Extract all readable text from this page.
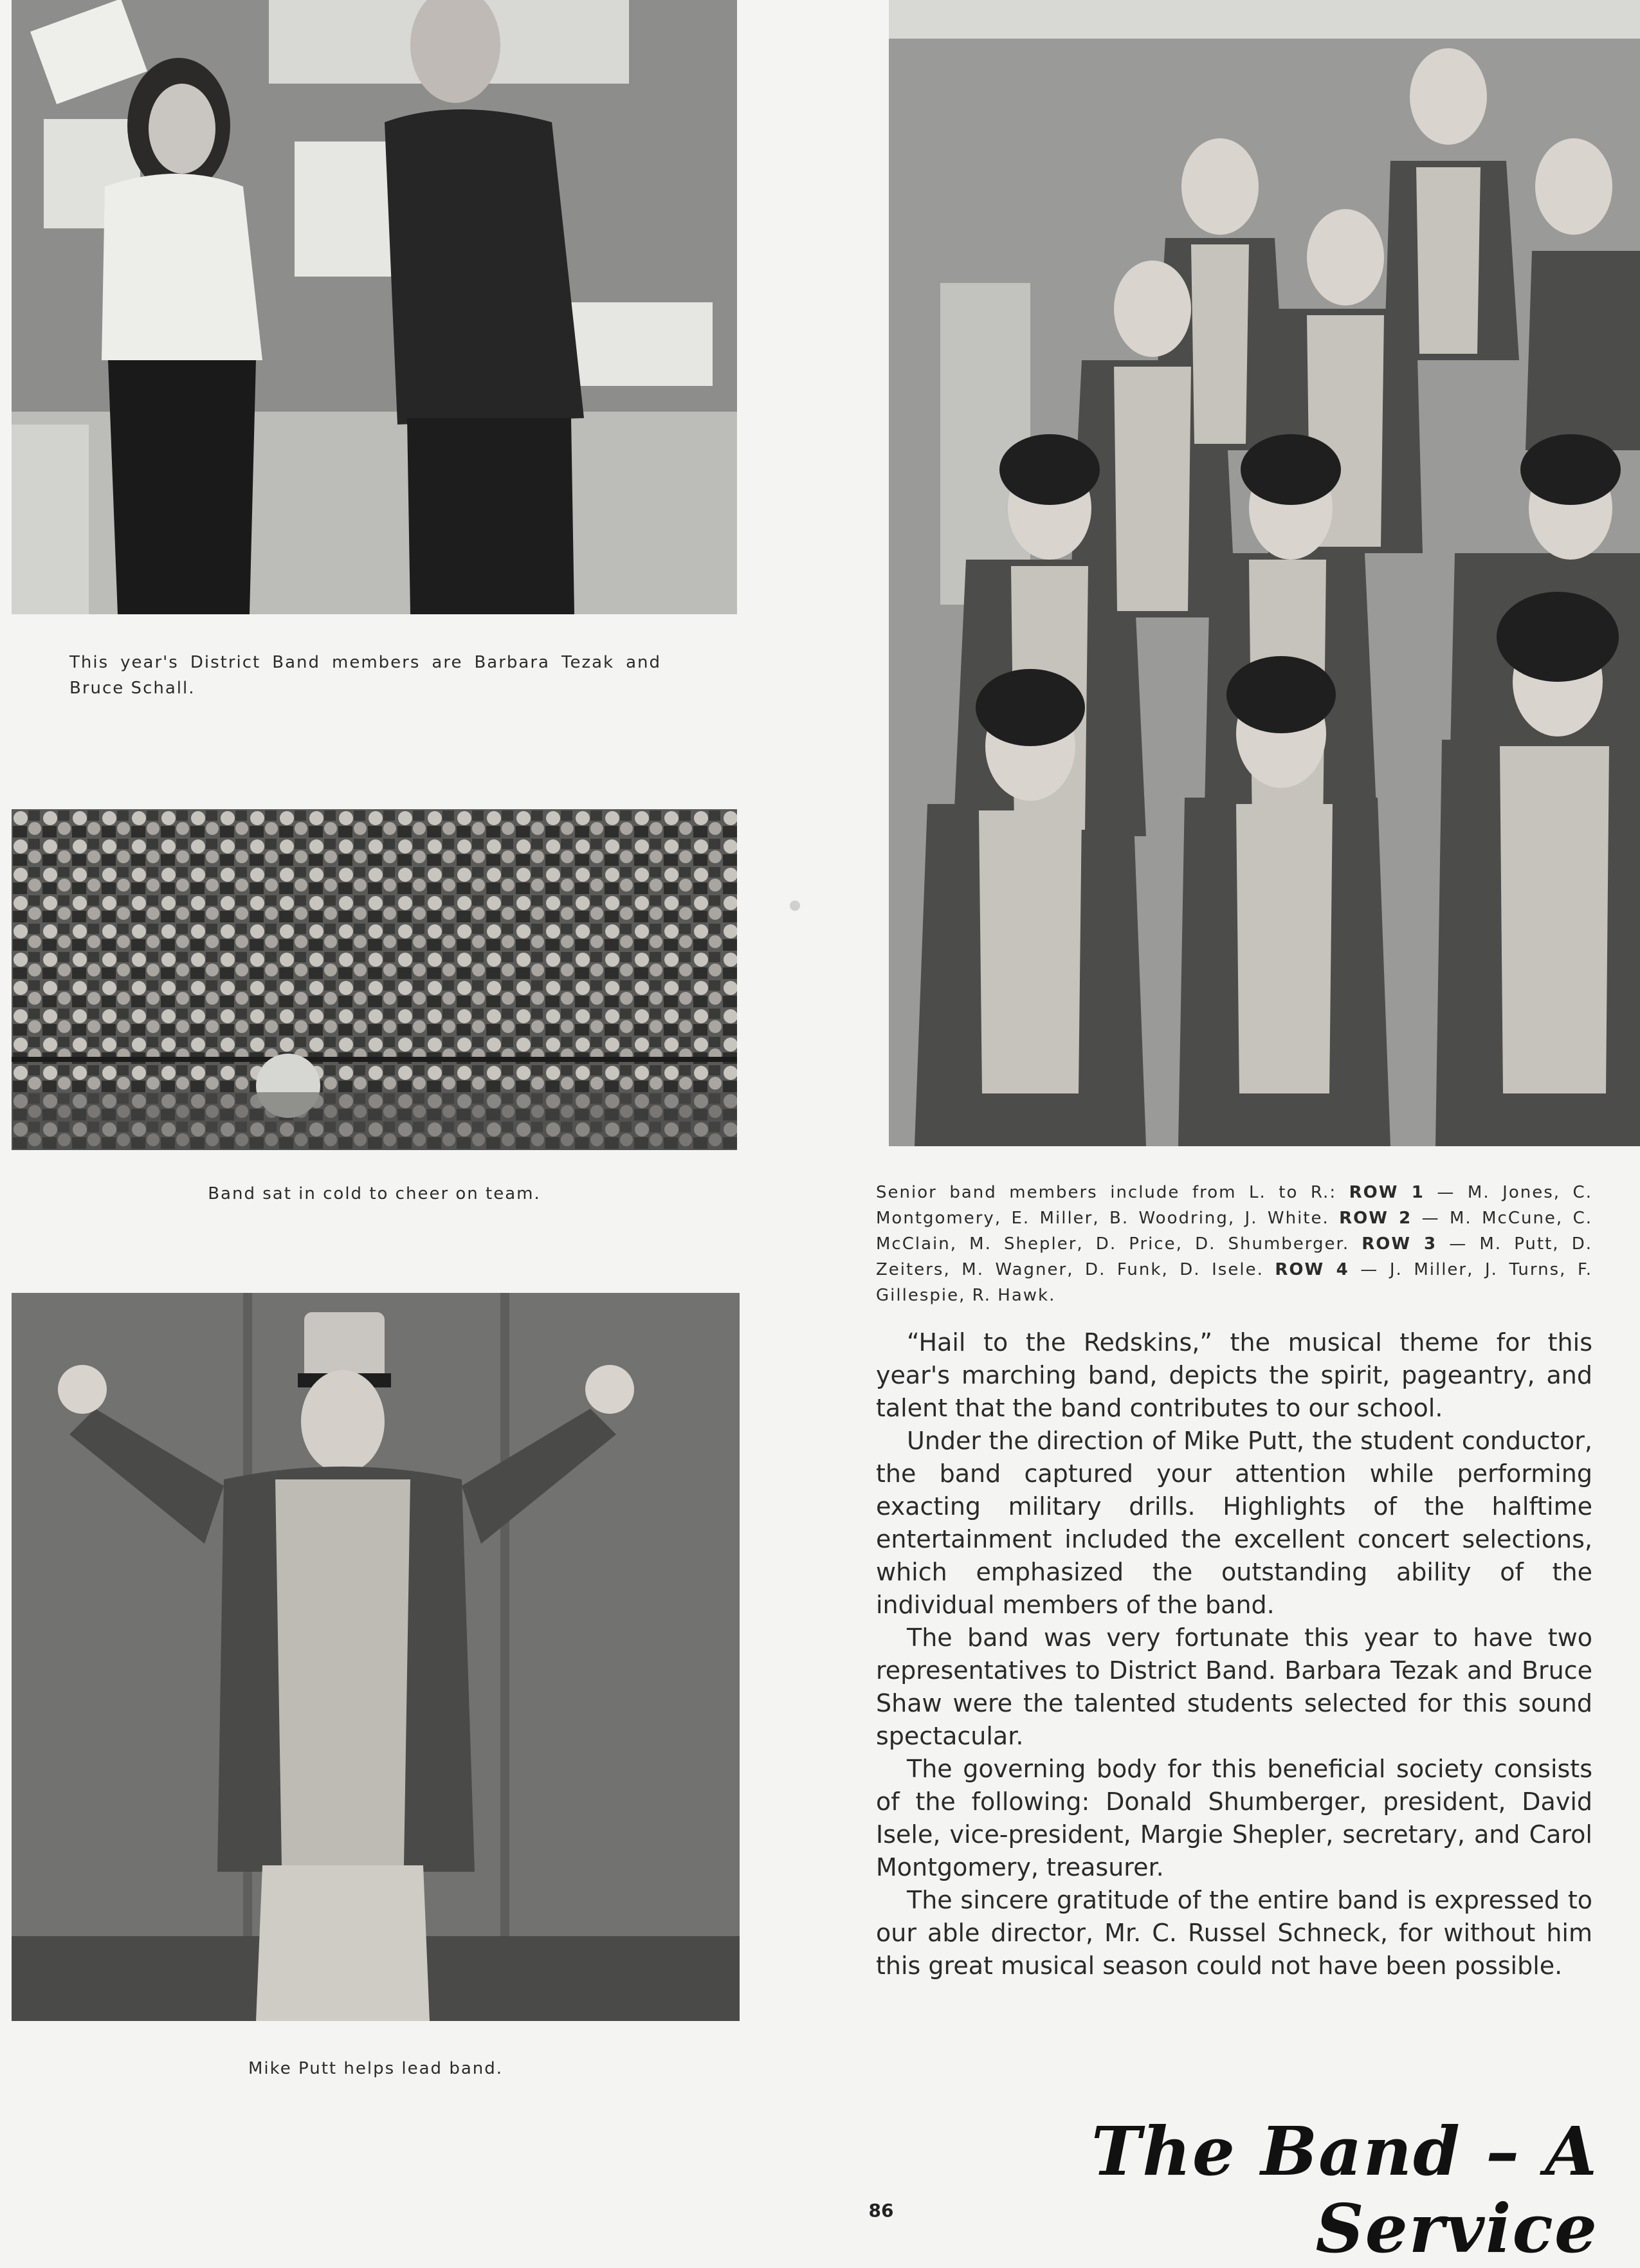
This year's District Band members are Barbara Tezak and Bruce Schall.
Band sat in cold to cheer on team.
Mike Putt helps lead band.
Senior band members include from L. to R.: ROW 1 — M. Jones, C. Montgomery, E. Miller, B. Woodring, J. White. ROW 2 — M. McCune, C. McClain, M. Shepler, D. Price, D. Shumberger. ROW 3 — M. Putt, D. Zeiters, M. Wagner, D. Funk, D. Isele. ROW 4 — J. Miller, J. Turns, F. Gillespie, R. Hawk.

“Hail to the Redskins,” the musical theme for this year's marching band, depicts the spirit, pageantry, and talent that the band contributes to our school.

Under the direction of Mike Putt, the student conductor, the band captured your attention while performing exacting military drills. Highlights of the halftime entertainment included the excellent concert selections, which emphasized the outstanding ability of the individual members of the band.

The band was very fortunate this year to have two representatives to District Band. Barbara Tezak and Bruce Shaw were the talented students selected for this sound spectacular.

The governing body for this beneficial society consists of the following: Donald Shumberger, president, David Isele, vice-president, Margie Shepler, secretary, and Carol Montgomery, treasurer.

The sincere gratitude of the entire band is expressed to our able director, Mr. C. Russel Schneck, for without him this great musical season could not have been possible.

The Band – A Service
86
